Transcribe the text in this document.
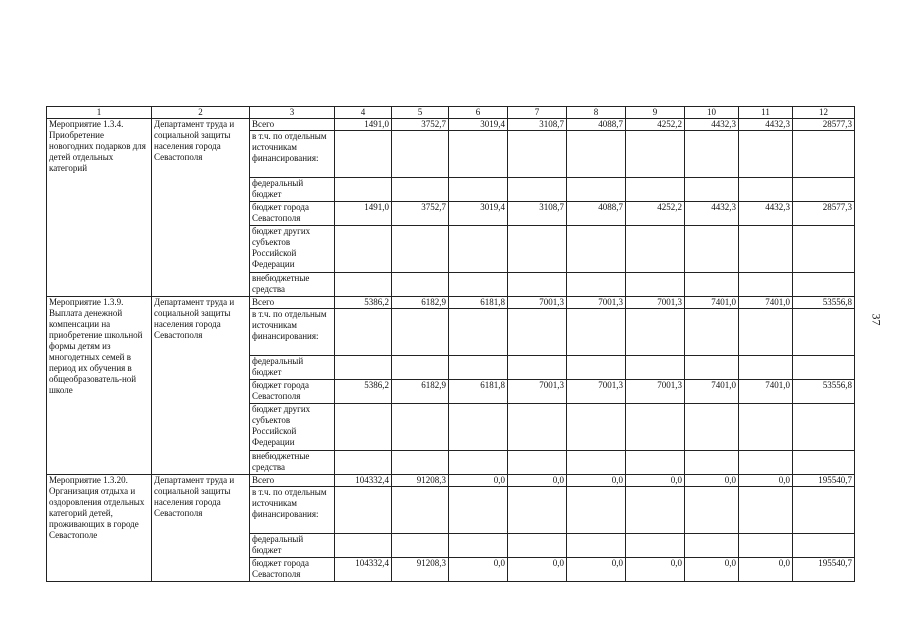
1	2	3	4	5	6	7	8	9	10	11	12
Мероприятие 1.3.4. Приобретение новогодних подарков для детей отдельных категорий	Департамент труда и социальной защиты населения города Севастополя	Всего	1491,0	3752,7	3019,4	3108,7	4088,7	4252,2	4432,3	4432,3	28577,3
		в т.ч. по отдельным источникам финансирования:									
		федеральный бюджет									
		бюджет города Севастополя	1491,0	3752,7	3019,4	3108,7	4088,7	4252,2	4432,3	4432,3	28577,3
		бюджет других субъектов Российской Федерации									
		внебюджетные средства									
Мероприятие 1.3.9. Выплата денежной компенсации на приобретение школьной формы детям из многодетных семей в период их обучения в общеобразователь-ной школе	Департамент труда и социальной защиты населения города Севастополя	Всего	5386,2	6182,9	6181,8	7001,3	7001,3	7001,3	7401,0	7401,0	53556,8
		в т.ч. по отдельным источникам финансирования:									
		федеральный бюджет									
		бюджет города Севастополя	5386,2	6182,9	6181,8	7001,3	7001,3	7001,3	7401,0	7401,0	53556,8
		бюджет других субъектов Российской Федерации									
		внебюджетные средства									
Мероприятие 1.3.20. Организация отдыха и оздоровления отдельных категорий детей, проживающих в городе Севастополе	Департамент труда и социальной защиты населения города Севастополя	Всего	104332,4	91208,3	0,0	0,0	0,0	0,0	0,0	0,0	195540,7
		в т.ч. по отдельным источникам финансирования:									
		федеральный бюджет									
		бюджет города Севастополя	104332,4	91208,3	0,0	0,0	0,0	0,0	0,0	0,0	195540,7
37
